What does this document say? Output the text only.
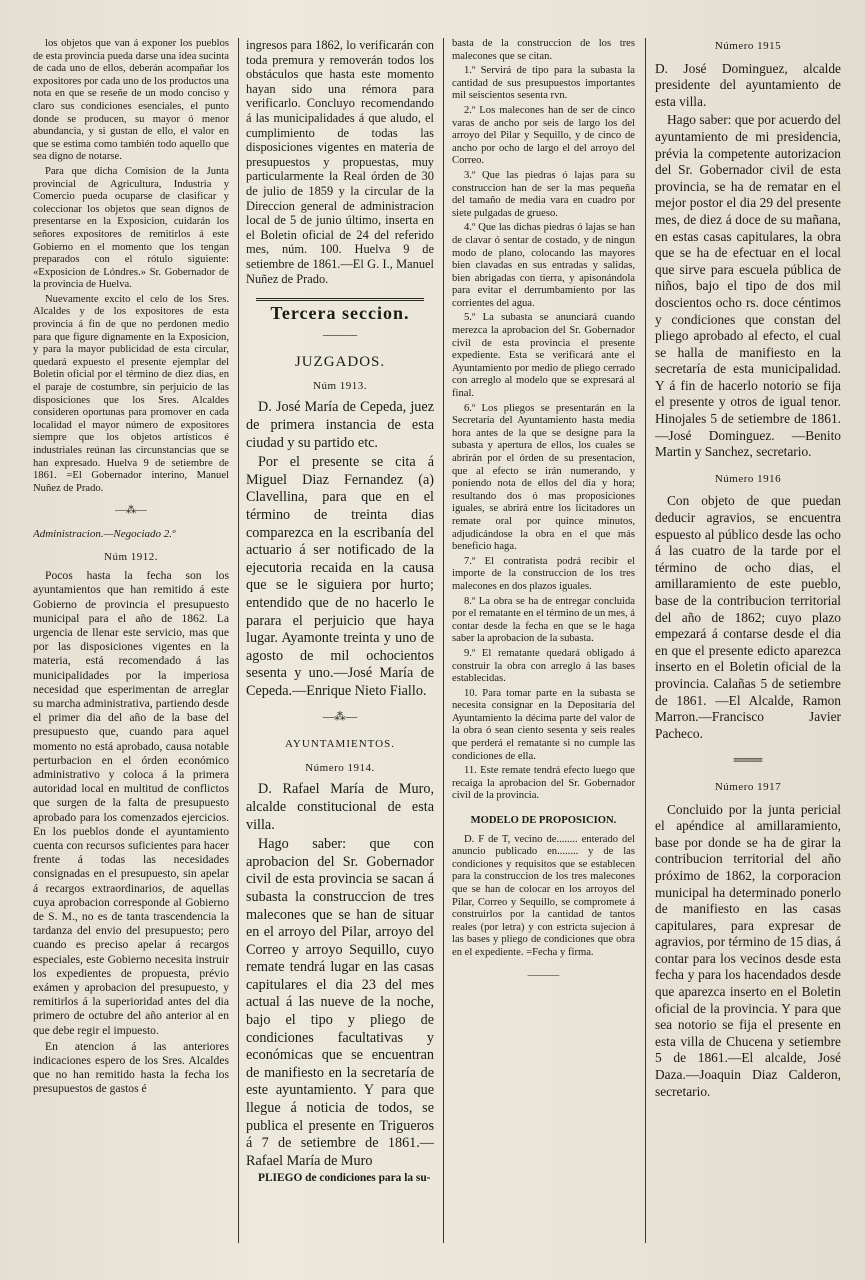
los objetos que van á exponer los pueblos de esta provincia pueda darse una idea sucinta de cada uno de ellos, deberán acompañar los expositores por cada uno de los productos una nota en que se reseñe de un modo conciso y claro sus condiciones esenciales, el punto donde se producen, su mayor ó menor abundancia, y si gustan de ello, el valor en que se estima como también todo aquello que sea digno de notarse.

Para que dicha Comision de la Junta provincial de Agricultura, Industria y Comercio pueda ocuparse de clasificar y coleccionar los objetos que sean dignos de presentarse en la Exposicion, cuidarán los señores expositores de remitirlos á este Gobierno en el momento que los tengan preparados con el rótulo siguiente: «Exposicion de Lóndres.» Sr. Gobernador de la provincia de Huelva.

Nuevamente excito el celo de los Sres. Alcaldes y de los expositores de esta provincia á fin de que no perdonen medio para que figure dignamente en la Exposicion, y para la mayor publicidad de esta circular, quedará expuesto el presente ejemplar del Boletin oficial por el término de diez dias, en el paraje de costumbre, sin perjuicio de las disposiciones que los Sres. Alcaldes consideren oportunas para promover en cada localidad el mayor número de expositores siempre que los objetos artísticos é industriales reúnan las circunstancias que se han expresado. Huelva 9 de setiembre de 1861. =El Gobernador interino, Manuel Nuñez de Prado.

—⁂—

Administracion.—Negociado 2.º

Núm 1912.

Pocos hasta la fecha son los ayuntamientos que han remitido á este Gobierno de provincia el presupuesto municipal para el año de 1862. La urgencia de llenar este servicio, mas que por las disposiciones vigentes en la materia, está recomendado á las municipalidades por la imperiosa necesidad que esperimentan de arreglar su marcha administrativa, partiendo desde el primer dia del año de la base del presupuesto que, cuando para aquel momento no está aprobado, causa notable perturbacion en el órden económico administrativo y coloca á la primera autoridad local en multitud de conflictos que surgen de la falta de presupuesto aprobado para los comenzados ejercicios. En los pueblos donde el ayuntamiento cuenta con recursos suficientes para hacer frente á todas las necesidades consignadas en el presupuesto, sin apelar á recargos extraordinarios, de aquellas cuya aprobacion corresponde al Gobierno de S. M., no es de tanta trascendencia la tardanza del envio del presupuesto; pero cuando es preciso apelar á recargos especiales, este Gobierno necesita instruir los expedientes de propuesta, prévio exámen y aprobacion del presupuesto, y remitirlos á la superioridad antes del dia primero de octubre del año anterior al en que debe regir el impuesto.

En atencion á las anteriores indicaciones espero de los Sres. Alcaldes que no han remitido hasta la fecha los presupuestos de gastos é

ingresos para 1862, lo verificarán con toda premura y removerán todos los obstáculos que hasta este momento hayan sido una rémora para verificarlo. Concluyo recomendando á las municipalidades á que aludo, el cumplimiento de todas las disposiciones vigentes en materia de presupuestos y propuestas, muy particularmente la Real órden de 30 de julio de 1859 y la circular de la Direccion general de administracion local de 5 de junio último, inserta en el Boletin oficial de 24 del referido mes, núm. 100. Huelva 9 de setiembre de 1861.—El G. I., Manuel Nuñez de Prado.

Tercera seccion.

———

JUZGADOS.

Núm 1913.

D. José María de Cepeda, juez de primera instancia de esta ciudad y su partido etc.

Por el presente se cita á Miguel Diaz Fernandez (a) Clavellina, para que en el término de treinta dias comparezca en la escribanía del actuario á ser notificado de la ejecutoria recaida en la causa que se le siguiera por hurto; entendido que de no hacerlo le parara el perjuicio que haya lugar. Ayamonte treinta y uno de agosto de mil ochocientos sesenta y uno.—José María de Cepeda.—Enrique Nieto Fiallo.

—⁂—

AYUNTAMIENTOS.

Número 1914.

D. Rafael María de Muro, alcalde constitucional de esta villa.

Hago saber: que con aprobacion del Sr. Gobernador civil de esta provincia se sacan á subasta la construccion de tres malecones que se han de situar en el arroyo del Pilar, arroyo del Correo y arroyo Sequillo, cuyo remate tendrá lugar en las casas capitulares el dia 23 del mes actual á las nueve de la noche, bajo el tipo y pliego de condiciones facultativas y económicas que se encuentran de manifiesto en la secretaría de este ayuntamiento. Y para que llegue á noticia de todos, se publica el presente en Trigueros á 7 de setiembre de 1861.—Rafael María de Muro

PLIEGO de condiciones para la su-

basta de la construccion de los tres malecones que se citan.

1.º Servirá de tipo para la subasta la cantidad de sus presupuestos importantes mil seiscientos sesenta rvn.

2.º Los malecones han de ser de cinco varas de ancho por seis de largo los del arroyo del Pilar y Sequillo, y de cinco de ancho por ocho de largo el del arroyo del Correo.

3.º Que las piedras ó lajas para su construccion han de ser la mas pequeña del tamaño de media vara en cuadro por siete pulgadas de grueso.

4.º Que las dichas piedras ó lajas se han de clavar ó sentar de costado, y de ningun modo de plano, colocando las mayores bien clavadas en sus entradas y salidas, bien abrigadas con tierra, y apisonándola para evitar el derrumbamiento por las corrientes del agua.

5.º La subasta se anunciará cuando merezca la aprobacion del Sr. Gobernador civil de esta provincia el presente expediente. Esta se verificará ante el Ayuntamiento por medio de pliego cerrado con arreglo al modelo que se expresará al final.

6.º Los pliegos se presentarán en la Secretaría del Ayuntamiento hasta media hora antes de la que se designe para la subasta y apertura de ellos, los cuales se abrirán por el órden de su presentacion, que al efecto se irán numerando, y poniendo nota de ellos del dia y hora; resultando dos ó mas proposiciones iguales, se abrirá entre los licitadores un remate oral por quince minutos, adjudicándose la obra en el que más beneficio haga.

7.º El contratista podrá recibir el importe de la construccion de los tres malecones en dos plazos iguales.

8.º La obra se ha de entregar concluida por el rematante en el término de un mes, á contar desde la fecha en que se le haga saber la aprobacion de la subasta.

9.º El rematante quedará obligado á construir la obra con arreglo á las bases establecidas.

10. Para tomar parte en la subasta se necesita consignar en la Depositaría del Ayuntamiento la décima parte del valor de la obra ó sean ciento sesenta y seis reales que perderá el rematante si no cumple las condiciones de ella.

11. Este remate tendrá efecto luego que recaiga la aprobacion del Sr. Gobernador civil de la provincia.

MODELO DE PROPOSICION.

D. F de T, vecino de........ enterado del anuncio publicado en........ y de las condiciones y requisitos que se establecen para la construccion de los tres malecones que se han de colocar en los arroyos del Pilar, Correo y Sequillo, se compromete á construirlos por la cantidad de tantos reales (por letra) y con estricta sujecion á las bases y pliego de condiciones que obra en el expediente. =Fecha y firma.

———

Número 1915

D. José Dominguez, alcalde presidente del ayuntamiento de esta villa.

Hago saber: que por acuerdo del ayuntamiento de mi presidencia, prévia la competente autorizacion del Sr. Gobernador civil de esta provincia, se ha de rematar en el mejor postor el dia 29 del presente mes, de diez á doce de su mañana, en estas casas capitulares, la obra que se ha de efectuar en el local que sirve para escuela pública de niños, bajo el tipo de dos mil doscientos ocho rs. doce céntimos y condiciones que constan del pliego aprobado al efecto, el cual se halla de manifiesto en la secretaría de esta municipalidad. Y á fin de hacerlo notorio se fija el presente y otros de igual tenor. Hinojales 5 de setiembre de 1861.—José Dominguez. —Benito Martin y Sanchez, secretario.

Número 1916

Con objeto de que puedan deducir agravios, se encuentra espuesto al público desde las ocho á las cuatro de la tarde por el término de ocho dias, el amillaramiento de este pueblo, base de la contribucion territorial del año de 1862; cuyo plazo empezará á contarse desde el dia en que el presente edicto aparezca inserto en el Boletin oficial de la provincia. Calañas 5 de setiembre de 1861. —El Alcalde, Ramon Marron.—Francisco Javier Pacheco.

═══

Número 1917

Concluido por la junta pericial el apéndice al amillaramiento, base por donde se ha de girar la contribucion territorial del año próximo de 1862, la corporacion municipal ha determinado ponerlo de manifiesto en las casas capitulares, para expresar de agravios, por término de 15 dias, á contar para los vecinos desde esta fecha y para los hacendados desde que aparezca inserto en el Boletin oficial de la provincia. Y para que sea notorio se fija el presente en esta villa de Chucena y setiembre 5 de 1861.—El alcalde, José Daza.—Joaquin Diaz Calderon, secretario.
